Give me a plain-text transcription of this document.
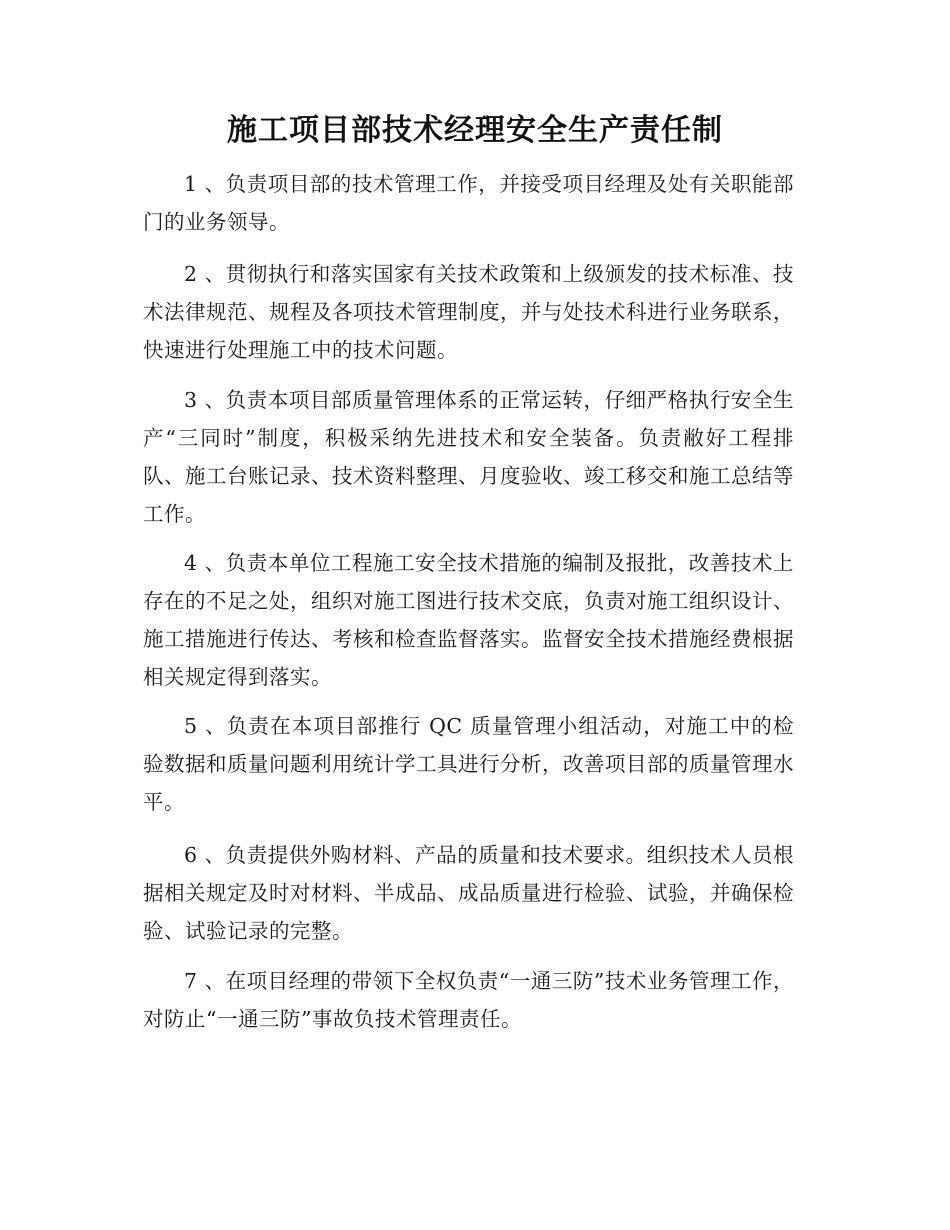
施工项目部技术经理安全生产责任制

1 、负责项目部的技术管理工作，并接受项目经理及处有关职能部门的业务领导。

2 、贯彻执行和落实国家有关技术政策和上级颁发的技术标准、技术法律规范、规程及各项技术管理制度，并与处技术科进行业务联系，快速进行处理施工中的技术问题。

3 、负责本项目部质量管理体系的正常运转，仔细严格执行安全生产“三同时”制度，积极采纳先进技术和安全装备。负责敝好工程排队、施工台账记录、技术资料整理、月度验收、竣工移交和施工总结等工作。

4 、负责本单位工程施工安全技术措施的编制及报批，改善技术上存在的不足之处，组织对施工图进行技术交底，负责对施工组织设计、施工措施进行传达、考核和检查监督落实。监督安全技术措施经费根据相关规定得到落实。

5 、负责在本项目部推行 QC 质量管理小组活动，对施工中的检验数据和质量问题利用统计学工具进行分析，改善项目部的质量管理水平。

6 、负责提供外购材料、产品的质量和技术要求。组织技术人员根据相关规定及时对材料、半成品、成品质量进行检验、试验，并确保检验、试验记录的完整。

7 、在项目经理的带领下全权负责“一通三防”技术业务管理工作，对防止“一通三防”事故负技术管理责任。
